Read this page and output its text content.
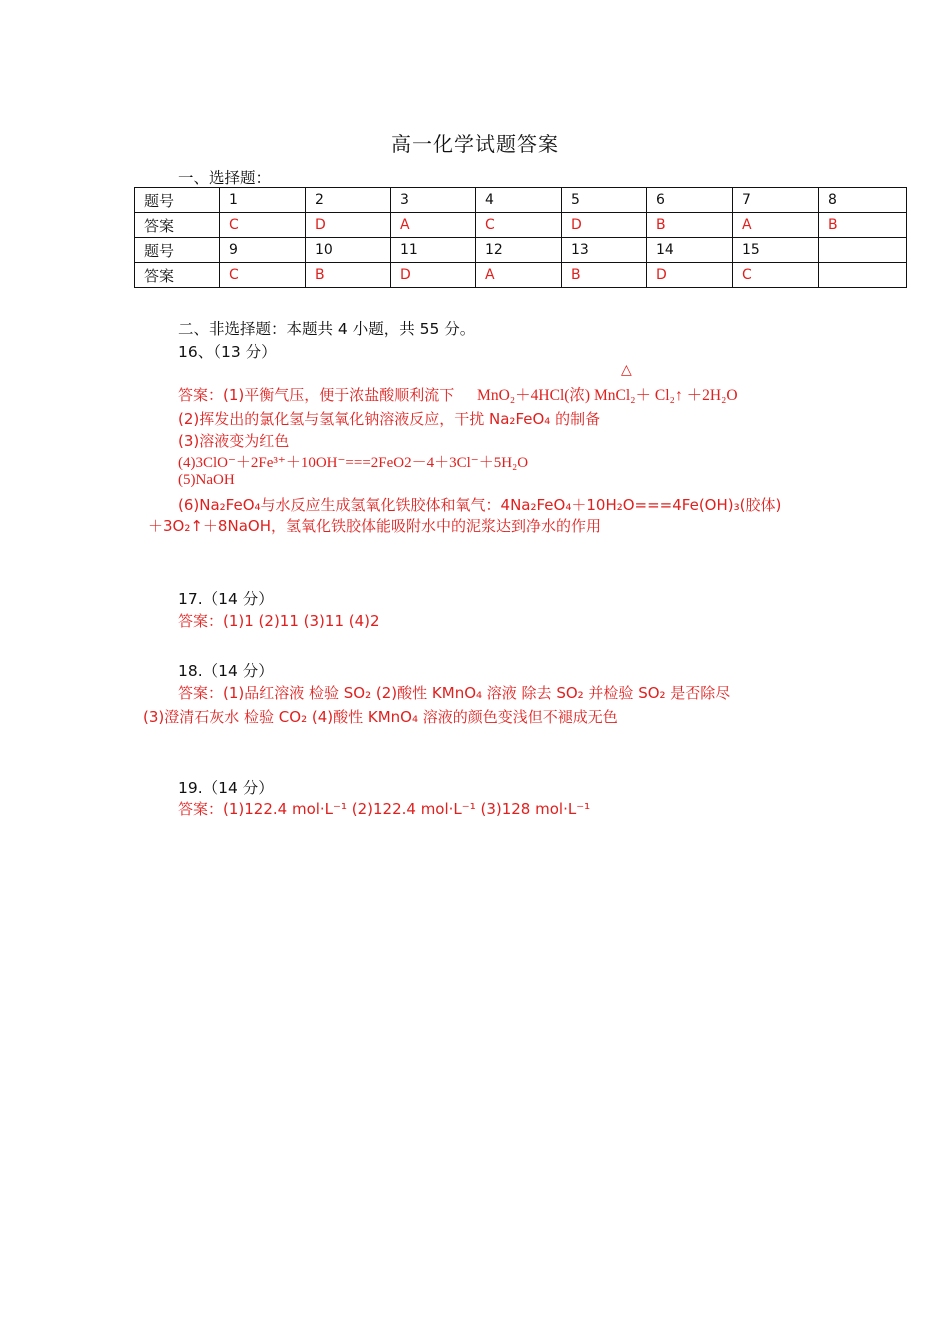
高一化学试题答案
一、选择题：
题号	1	2	3	4	5	6	7	8
答案	C	D	A	C	D	B	A	B
题号	9	10	11	12	13	14	15	
答案	C	B	D	A	B	D	C	
二、非选择题：本题共 4 小题，共 55 分。
16、（13 分）
△
答案：(1)平衡气压，便于浓盐酸顺利流下 MnO₂＋4HCl(浓) MnCl₂＋ Cl₂↑ ＋2H₂O
(2)挥发出的氯化氢与氢氧化钠溶液反应，干扰 Na₂FeO₄ 的制备
(3)溶液变为红色
(4)3ClO⁻＋2Fe³⁺＋10OH⁻===2FeO2－4＋3Cl⁻＋5H₂O
(5)NaOH
(6)Na₂FeO₄与水反应生成氢氧化铁胶体和氧气：4Na₂FeO₄＋10H₂O===4Fe(OH)₃(胶体)
＋3O₂↑＋8NaOH，氢氧化铁胶体能吸附水中的泥浆达到净水的作用
17.（14 分）
答案：(1)1 (2)11 (3)11 (4)2
18.（14 分）
答案：(1)品红溶液 检验 SO₂ (2)酸性 KMnO₄ 溶液 除去 SO₂ 并检验 SO₂ 是否除尽
(3)澄清石灰水 检验 CO₂ (4)酸性 KMnO₄ 溶液的颜色变浅但不褪成无色
19.（14 分）
答案：(1)122.4 mol·L⁻¹ (2)122.4 mol·L⁻¹ (3)128 mol·L⁻¹
